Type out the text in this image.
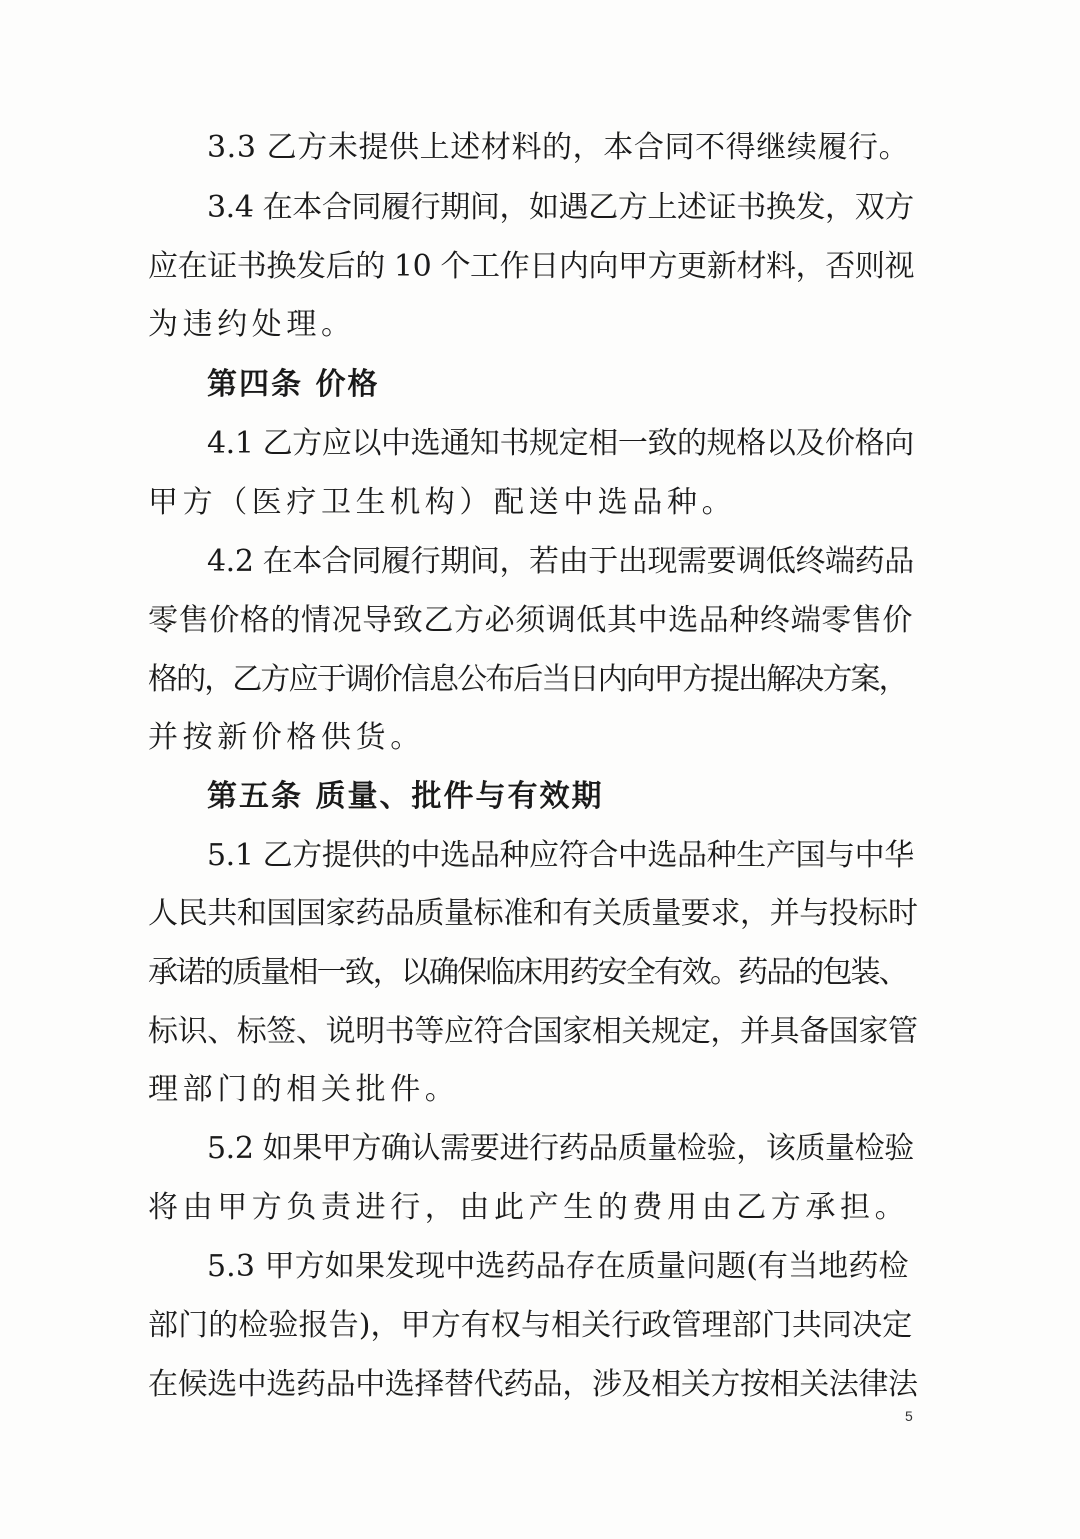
3.3 乙方未提供上述材料的，本合同不得继续履行。
3.4 在本合同履行期间，如遇乙方上述证书换发，双方
应在证书换发后的 10 个工作日内向甲方更新材料，否则视
为违约处理。
第四条 价格
4.1 乙方应以中选通知书规定相一致的规格以及价格向
甲方（医疗卫生机构）配送中选品种。
4.2 在本合同履行期间，若由于出现需要调低终端药品
零售价格的情况导致乙方必须调低其中选品种终端零售价
格的，乙方应于调价信息公布后当日内向甲方提出解决方案，
并按新价格供货。
第五条 质量、批件与有效期
5.1 乙方提供的中选品种应符合中选品种生产国与中华
人民共和国国家药品质量标准和有关质量要求，并与投标时
承诺的质量相一致，以确保临床用药安全有效。药品的包装、
标识、标签、说明书等应符合国家相关规定，并具备国家管
理部门的相关批件。
5.2 如果甲方确认需要进行药品质量检验，该质量检验
将由甲方负责进行，由此产生的费用由乙方承担。
5.3 甲方如果发现中选药品存在质量问题(有当地药检
部门的检验报告)，甲方有权与相关行政管理部门共同决定
在候选中选药品中选择替代药品，涉及相关方按相关法律法
5
